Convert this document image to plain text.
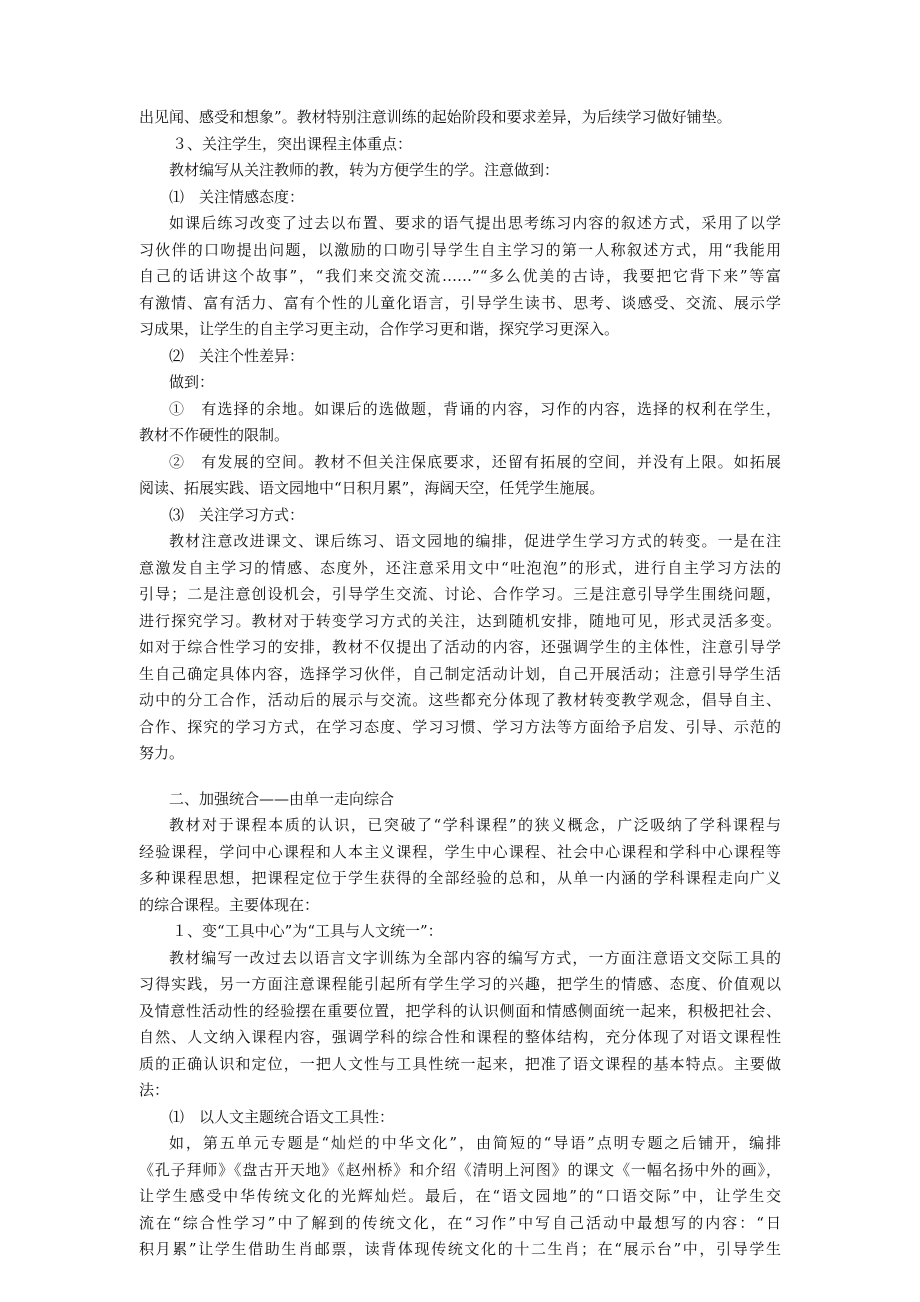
出见闻、感受和想象”。教材特别注意训练的起始阶段和要求差异，为后续学习做好铺垫。
３、关注学生，突出课程主体重点：
教材编写从关注教师的教，转为方便学生的学。注意做到：
⑴　关注情感态度：
如课后练习改变了过去以布置、要求的语气提出思考练习内容的叙述方式，采用了以学
习伙伴的口吻提出问题，以激励的口吻引导学生自主学习的第一人称叙述方式，用“我能用
自己的话讲这个故事”，“我们来交流交流……”“多么优美的古诗，我要把它背下来”等富
有激情、富有活力、富有个性的儿童化语言，引导学生读书、思考、谈感受、交流、展示学
习成果，让学生的自主学习更主动，合作学习更和谐，探究学习更深入。
⑵　关注个性差异：
做到：
①　有选择的余地。如课后的选做题，背诵的内容，习作的内容，选择的权利在学生，
教材不作硬性的限制。
②　有发展的空间。教材不但关注保底要求，还留有拓展的空间，并没有上限。如拓展
阅读、拓展实践、语文园地中“日积月累”，海阔天空，任凭学生施展。
⑶　关注学习方式：
教材注意改进课文、课后练习、语文园地的编排，促进学生学习方式的转变。一是在注
意激发自主学习的情感、态度外，还注意采用文中“吐泡泡”的形式，进行自主学习方法的
引导；二是注意创设机会，引导学生交流、讨论、合作学习。三是注意引导学生围绕问题，
进行探究学习。教材对于转变学习方式的关注，达到随机安排，随地可见，形式灵活多变。
如对于综合性学习的安排，教材不仅提出了活动的内容，还强调学生的主体性，注意引导学
生自己确定具体内容，选择学习伙伴，自己制定活动计划，自己开展活动；注意引导学生活
动中的分工合作，活动后的展示与交流。这些都充分体现了教材转变教学观念，倡导自主、
合作、探究的学习方式，在学习态度、学习习惯、学习方法等方面给予启发、引导、示范的
努力。
二、加强统合——由单一走向综合
教材对于课程本质的认识，已突破了“学科课程”的狭义概念，广泛吸纳了学科课程与
经验课程，学问中心课程和人本主义课程，学生中心课程、社会中心课程和学科中心课程等
多种课程思想，把课程定位于学生获得的全部经验的总和，从单一内涵的学科课程走向广义
的综合课程。主要体现在：
１、变“工具中心”为“工具与人文统一”：
教材编写一改过去以语言文字训练为全部内容的编写方式，一方面注意语文交际工具的
习得实践，另一方面注意课程能引起所有学生学习的兴趣，把学生的情感、态度、价值观以
及情意性活动性的经验摆在重要位置，把学科的认识侧面和情感侧面统一起来，积极把社会、
自然、人文纳入课程内容，强调学科的综合性和课程的整体结构，充分体现了对语文课程性
质的正确认识和定位，一把人文性与工具性统一起来，把准了语文课程的基本特点。主要做
法：
⑴　以人文主题统合语文工具性：
如，第五单元专题是“灿烂的中华文化”，由简短的“导语”点明专题之后铺开，编排
《孔子拜师》《盘古开天地》《赵州桥》和介绍《清明上河图》的课文《一幅名扬中外的画》，
让学生感受中华传统文化的光辉灿烂。最后，在“语文园地”的“口语交际”中，让学生交
流在“综合性学习”中了解到的传统文化，在“习作”中写自己活动中最想写的内容：“日
积月累”让学生借助生肖邮票，读背体现传统文化的十二生肖；在“展示台”中，引导学生
